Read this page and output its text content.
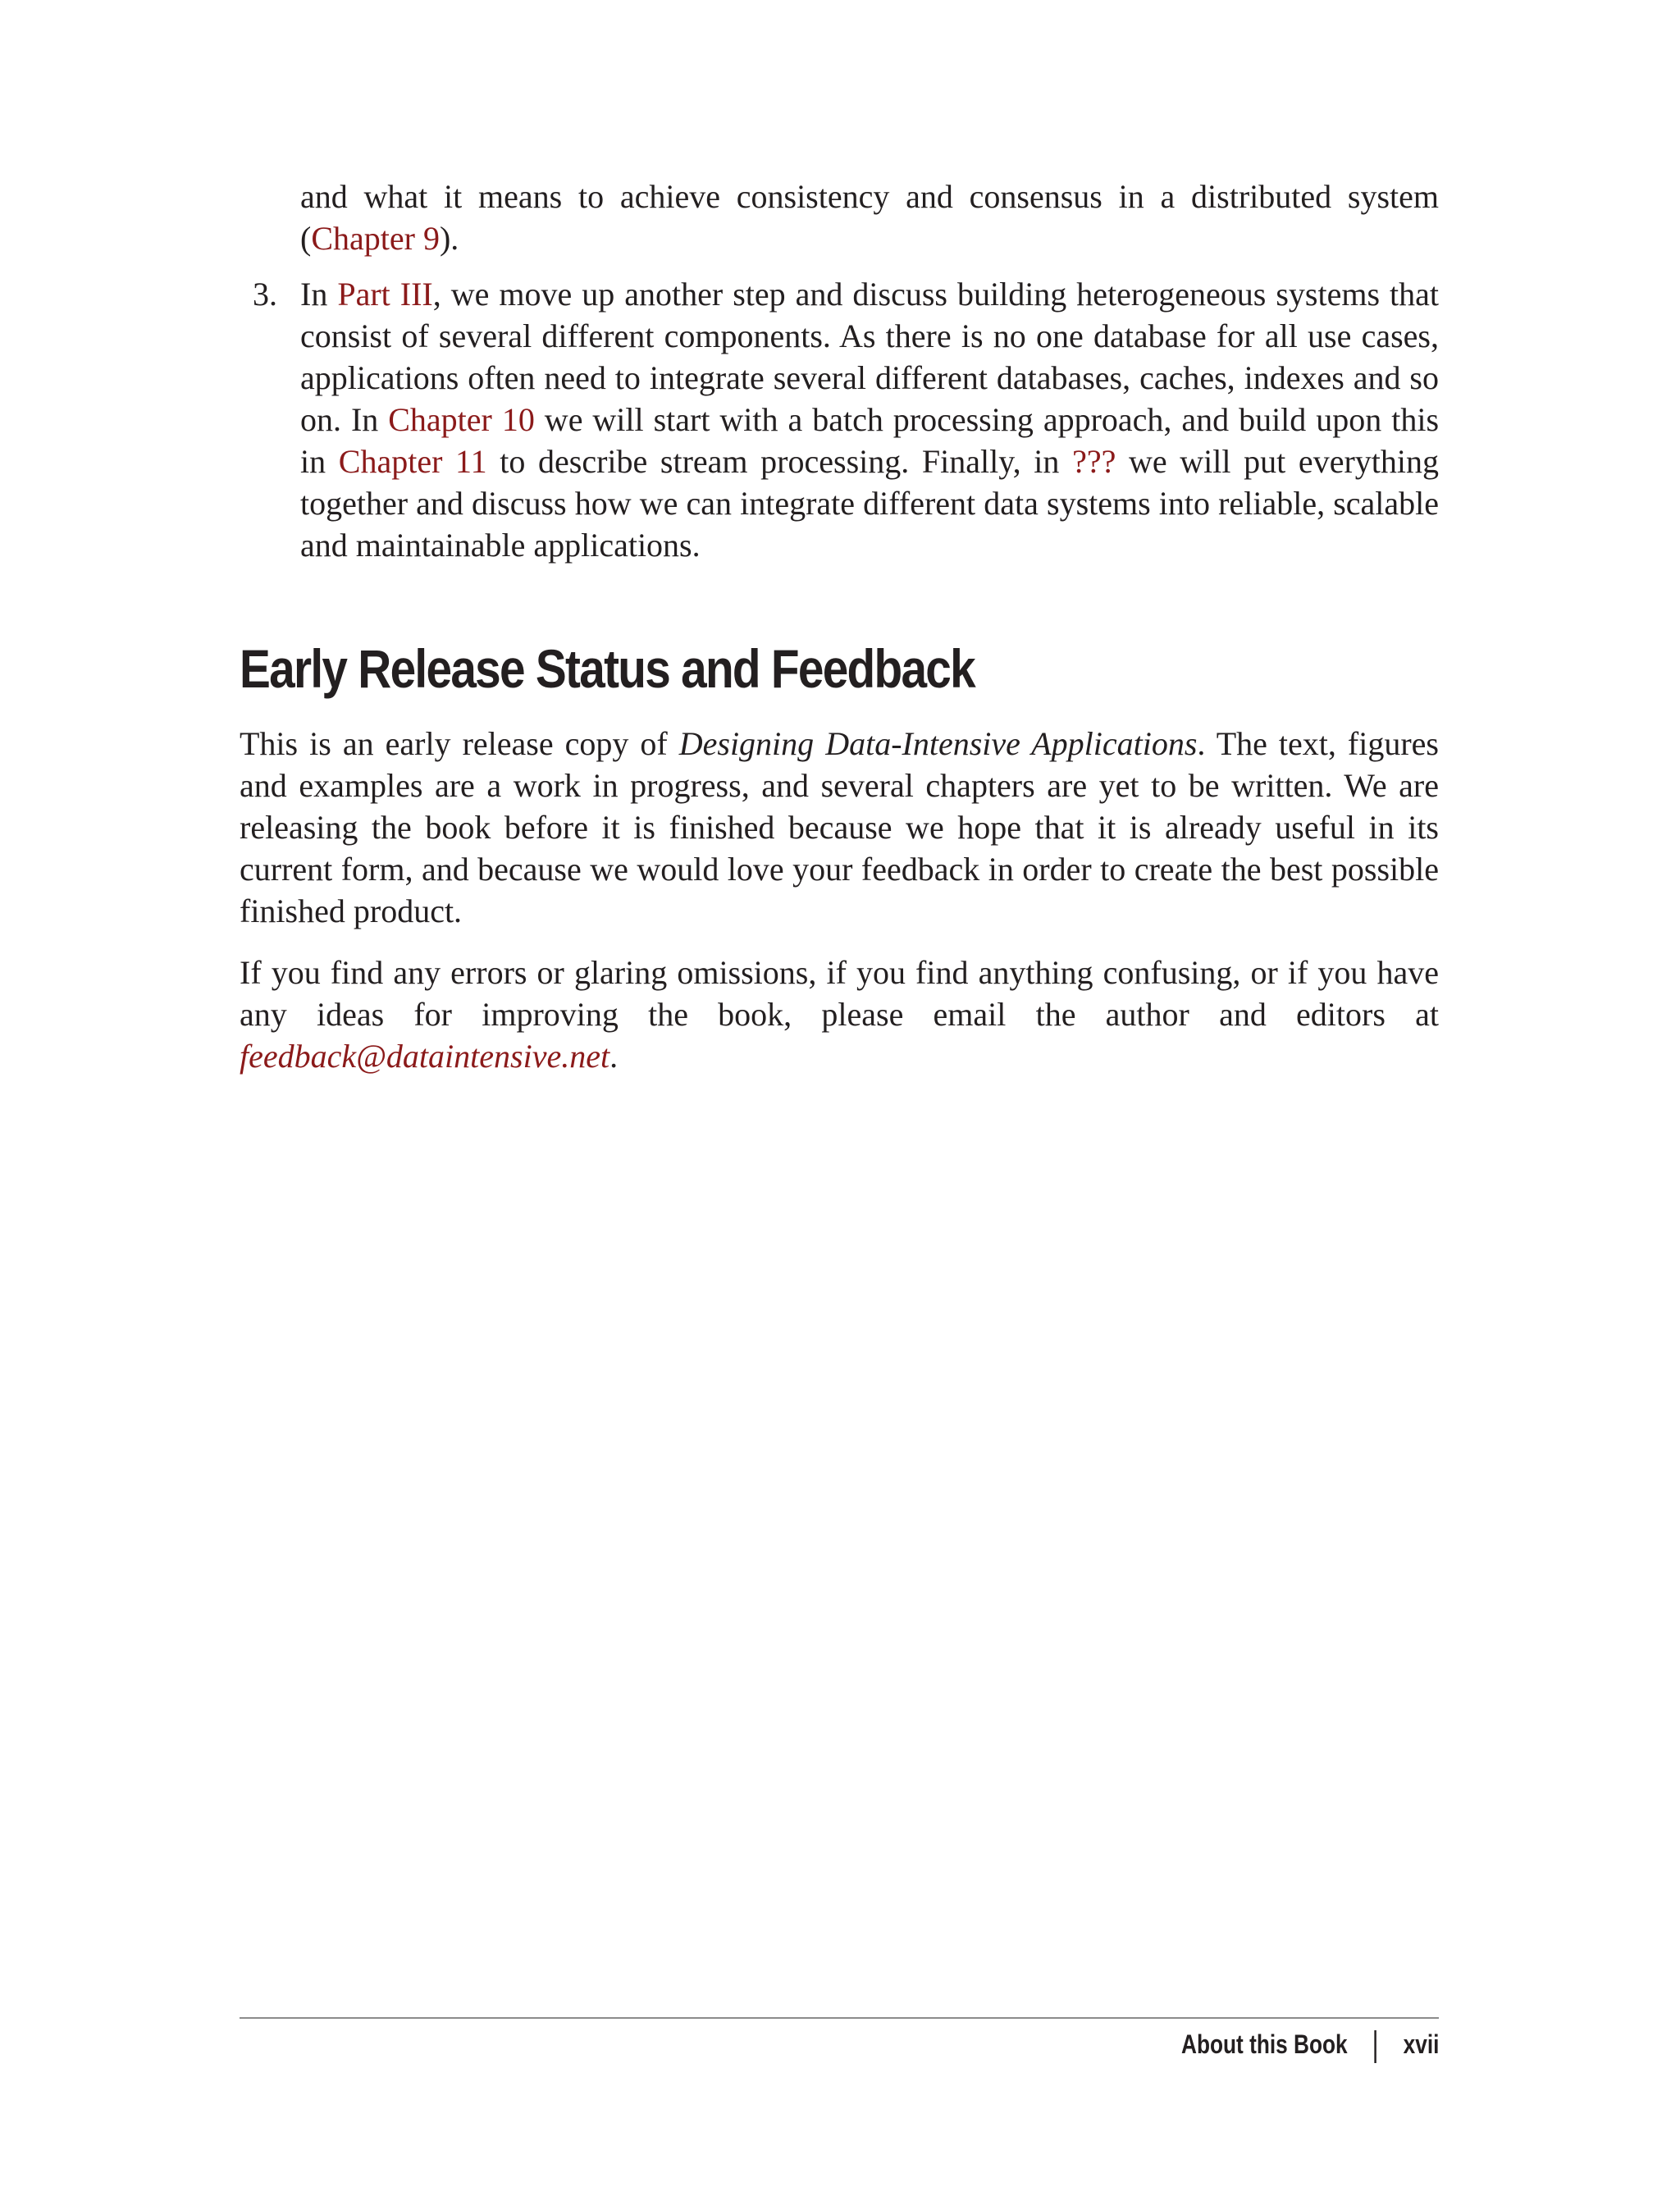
and what it means to achieve consistency and consensus in a distributed system (Chapter 9).

3. In Part III, we move up another step and discuss building heterogeneous systems that consist of several different components. As there is no one database for all use cases, applications often need to integrate several different databases, caches, indexes and so on. In Chapter 10 we will start with a batch processing approach, and build upon this in Chapter 11 to describe stream processing. Finally, in ??? we will put everything together and discuss how we can integrate different data systems into reliable, scalable and maintainable applications.

Early Release Status and Feedback

This is an early release copy of Designing Data-Intensive Applications. The text, figures and examples are a work in progress, and several chapters are yet to be written. We are releasing the book before it is finished because we hope that it is already useful in its current form, and because we would love your feedback in order to create the best possible finished product.

If you find any errors or glaring omissions, if you find anything confusing, or if you have any ideas for improving the book, please email the author and editors at feedback@dataintensive.net.

About this Book xvii
